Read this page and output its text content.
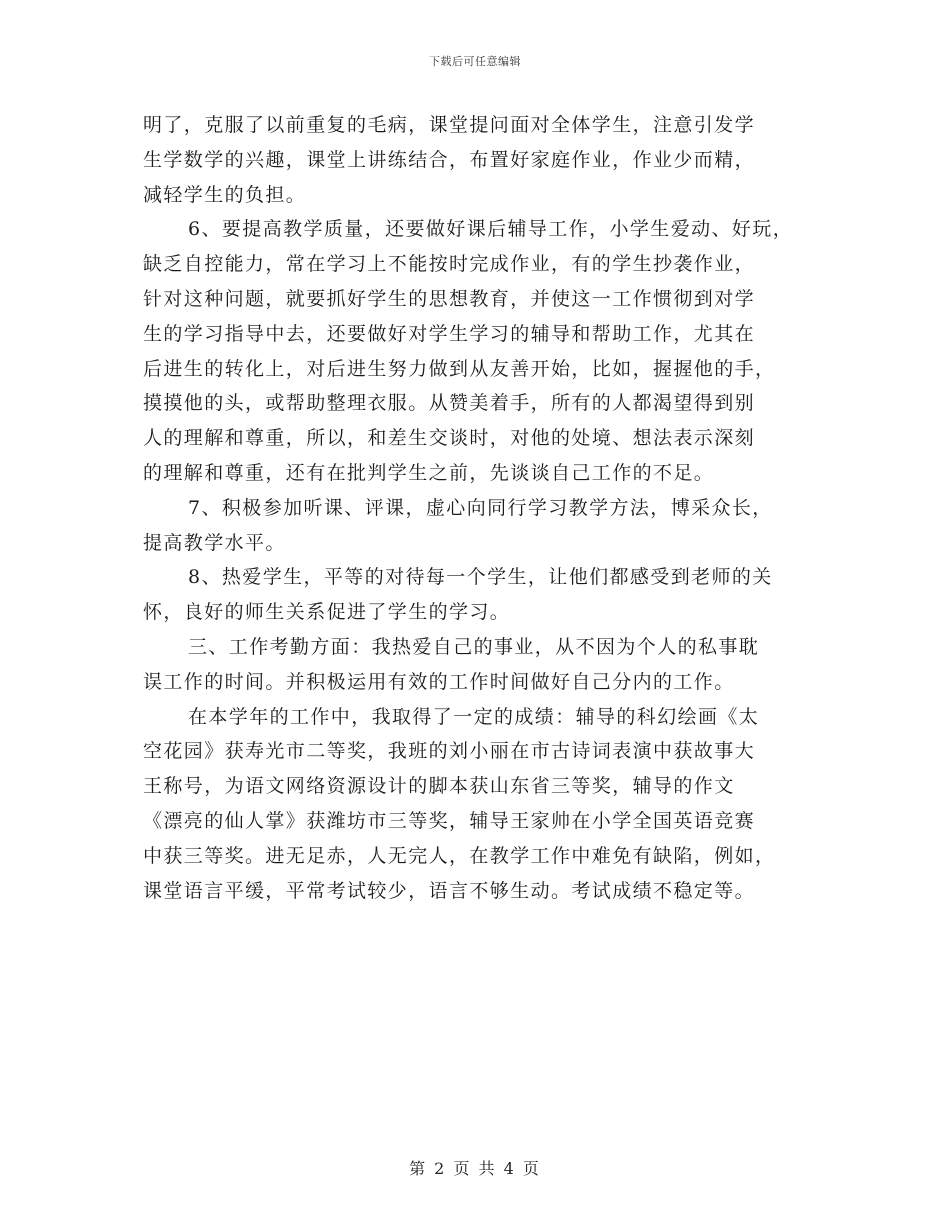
下载后可任意编辑
明了，克服了以前重复的毛病，课堂提问面对全体学生，注意引发学
生学数学的兴趣，课堂上讲练结合，布置好家庭作业，作业少而精，
减轻学生的负担。
6、要提高教学质量，还要做好课后辅导工作，小学生爱动、好玩，
缺乏自控能力，常在学习上不能按时完成作业，有的学生抄袭作业，
针对这种问题，就要抓好学生的思想教育，并使这一工作惯彻到对学
生的学习指导中去，还要做好对学生学习的辅导和帮助工作，尤其在
后进生的转化上，对后进生努力做到从友善开始，比如，握握他的手，
摸摸他的头，或帮助整理衣服。从赞美着手，所有的人都渴望得到别
人的理解和尊重，所以，和差生交谈时，对他的处境、想法表示深刻
的理解和尊重，还有在批判学生之前，先谈谈自己工作的不足。
7、积极参加听课、评课，虚心向同行学习教学方法，博采众长，
提高教学水平。
8、热爱学生，平等的对待每一个学生，让他们都感受到老师的关
怀，良好的师生关系促进了学生的学习。
三、工作考勤方面：我热爱自己的事业，从不因为个人的私事耽
误工作的时间。并积极运用有效的工作时间做好自己分内的工作。
在本学年的工作中，我取得了一定的成绩：辅导的科幻绘画《太
空花园》获寿光市二等奖，我班的刘小丽在市古诗词表演中获故事大
王称号，为语文网络资源设计的脚本获山东省三等奖，辅导的作文
《漂亮的仙人掌》获潍坊市三等奖，辅导王家帅在小学全国英语竞赛
中获三等奖。进无足赤，人无完人，在教学工作中难免有缺陷，例如，
课堂语言平缓，平常考试较少，语言不够生动。考试成绩不稳定等。
第 2 页 共 4 页
